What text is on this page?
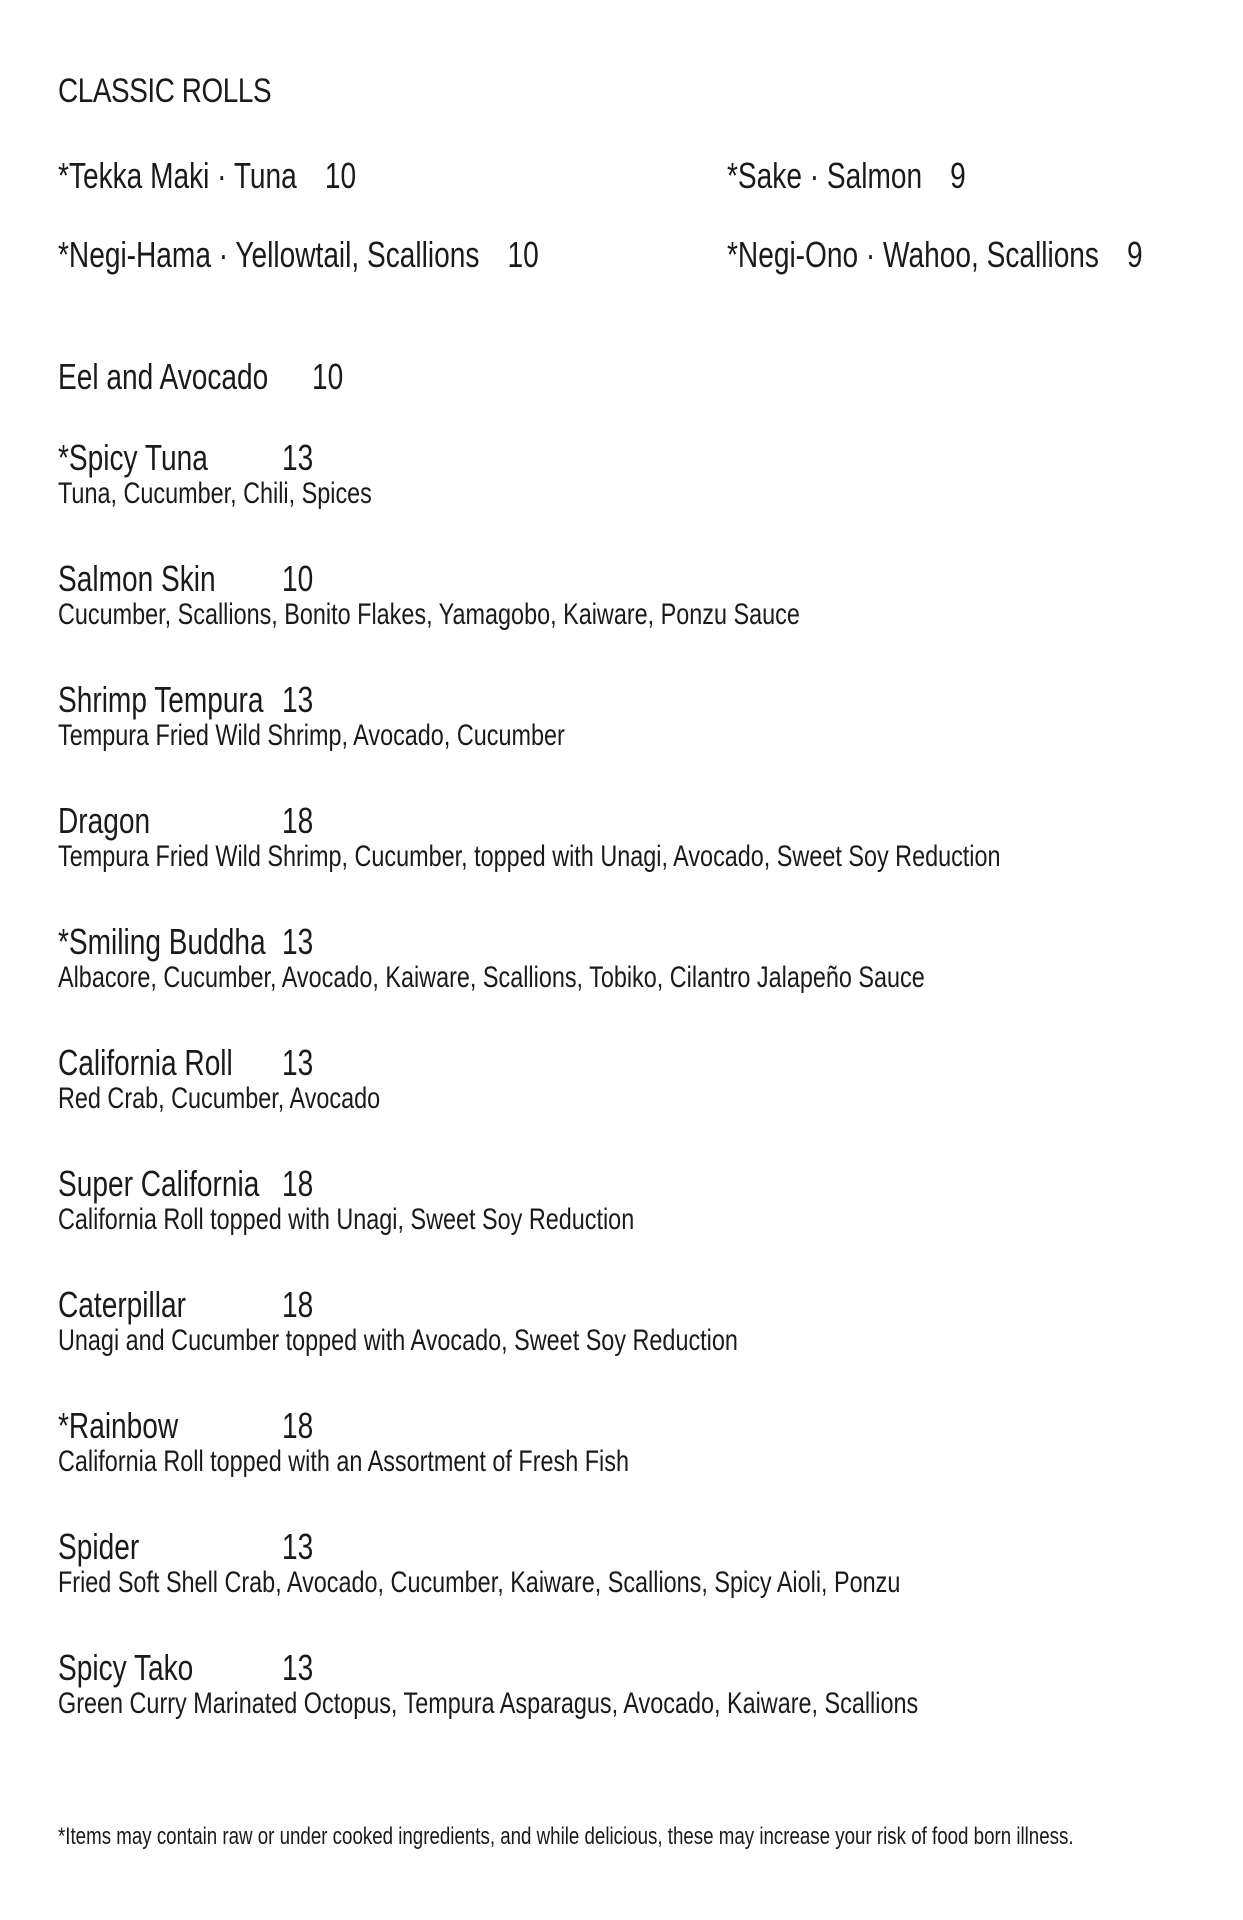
CLASSIC ROLLS
*Tekka Maki · Tuna 10	*Sake · Salmon 9
*Negi-Hama · Yellowtail, Scallions 10	*Negi-Ono · Wahoo, Scallions 9
Eel and Avocado 10
*Spicy Tuna 13
Tuna, Cucumber, Chili, Spices
Salmon Skin 10
Cucumber, Scallions, Bonito Flakes, Yamagobo, Kaiware, Ponzu Sauce
Shrimp Tempura 13
Tempura Fried Wild Shrimp, Avocado, Cucumber
Dragon	18
Tempura Fried Wild Shrimp, Cucumber, topped with Unagi, Avocado, Sweet Soy Reduction
*Smiling Buddha 13
Albacore, Cucumber, Avocado, Kaiware, Scallions, Tobiko, Cilantro Jalapeño Sauce
California Roll 13
Red Crab, Cucumber, Avocado
Super California 18
California Roll topped with Unagi, Sweet Soy Reduction
Caterpillar	18
Unagi and Cucumber topped with Avocado, Sweet Soy Reduction
*Rainbow	18
California Roll topped with an Assortment of Fresh Fish
Spider	13
Fried Soft Shell Crab, Avocado, Cucumber, Kaiware, Scallions, Spicy Aioli, Ponzu
Spicy Tako 13
Green Curry Marinated Octopus, Tempura Asparagus, Avocado, Kaiware, Scallions
*Items may contain raw or under cooked ingredients, and while delicious, these may increase your risk of food born illness.
